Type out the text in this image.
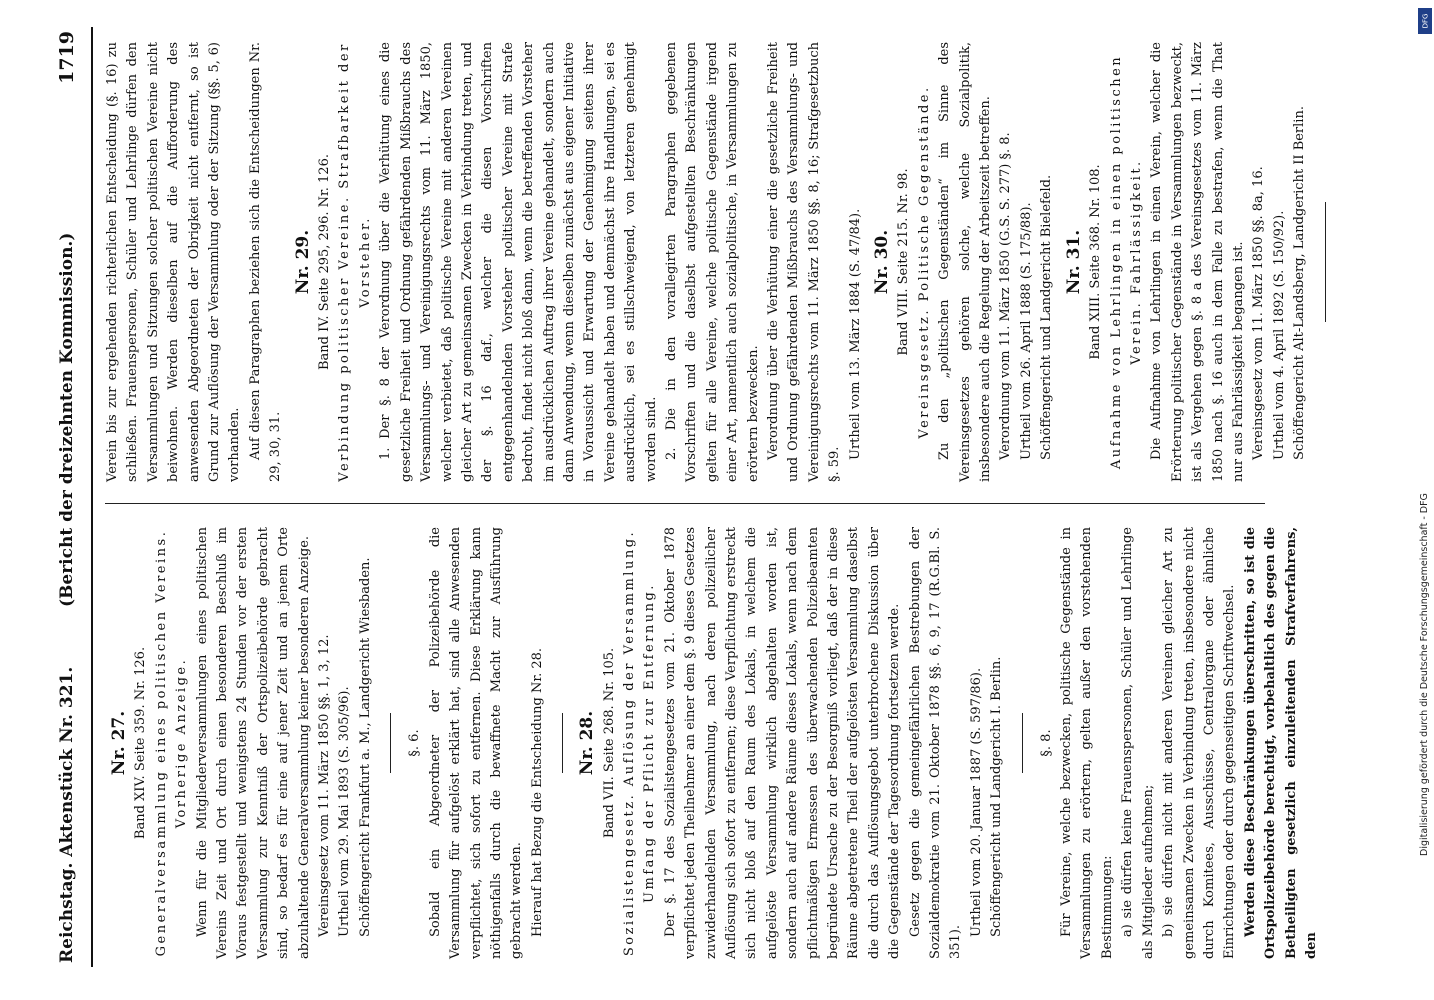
Reichstag. Aktenstück Nr. 321.
(Bericht der dreizehnten Kommission.)
1719

Nr. 27. Band XIV. Seite 359. Nr. 126. Generalversammlung eines politischen Vereins. Vorherige Anzeige. Wenn für die Mitgliederversammlungen eines politischen Vereins Zeit und Ort durch einen besonderen Beschluß im Voraus festgestellt und wenigstens 24 Stunden vor der ersten Versammlung zur Kenntniß der Ortspolizeibehörde gebracht sind, so bedarf es für eine auf jener Zeit und an jenem Orte abzuhaltende Generalversammlung keiner besonderen Anzeige. Vereinsgesetz vom 11. März 1850 §§. 1, 3, 12. Urtheil vom 29. Mai 1893 (S. 305/96). Schöffengericht Frankfurt a. M., Landgericht Wiesbaden.	§. 6. Sobald ein Abgeordneter der Polizeibehörde die Versammlung für aufgelöst erklärt hat, sind alle Anwesenden verpflichtet, sich sofort zu entfernen. Diese Erklärung kann nöthigenfalls durch die bewaffnete Macht zur Ausführung gebracht werden. Hierauf hat Bezug die Entscheidung Nr. 28. Nr. 28. Band VII. Seite 268. Nr. 105. Sozialistengesetz. Auflösung der Versammlung. Umfang der Pflicht zur Entfernung. Der §. 17 des Sozialistengesetzes vom 21. Oktober 1878 verpflichtet jeden Theilnehmer an einer dem §. 9 dieses Gesetzes zuwiderhandelnden Versammlung, nach deren polizeilicher Auflösung sich sofort zu entfernen; diese Verpflichtung erstreckt sich nicht bloß auf den Raum des Lokals, in welchem die aufgelöste Versammlung wirklich abgehalten worden ist, sondern auch auf andere Räume dieses Lokals, wenn nach dem pflichtmäßigen Ermessen des überwachenden Polizeibeamten begründete Ursache zu der Besorgniß vorliegt, daß der in diese Räume abgetretene Theil der aufgelösten Versammlung daselbst die durch das Auflösungsgebot unterbrochene Diskussion über die Gegenstände der Tagesordnung fortsetzen werde. Gesetz gegen die gemeingefährlichen Bestrebungen der Sozialdemokratie vom 21. Oktober 1878 §§. 6, 9, 17 (R.G.Bl. S. 351).

Urtheil vom 20. Januar 1887 (S. 597/86). Schöffengericht und Landgericht I. Berlin.	§. 8. Für Vereine, welche bezwecken, politische Gegenstände in Versammlungen zu erörtern, gelten außer den vorstehenden Bestimmungen: a) sie dürfen keine Frauenspersonen, Schüler und Lehrlinge als Mitglieder aufnehmen; b) sie dürfen nicht mit anderen Vereinen gleicher Art zu gemeinsamen Zwecken in Verbindung treten, insbesondere nicht durch Komitees, Ausschüsse, Centralorgane oder ähnliche Einrichtungen oder durch gegenseitigen Schriftwechsel. Werden diese Beschränkungen überschritten, so ist die Ortspolizeibehörde berechtigt, vorbehaltlich des gegen die Betheiligten gesetzlich einzuleitenden Strafverfahrens, den

Verein bis zur ergehenden richterlichen Entscheidung (§. 16) zu schließen. Frauenspersonen, Schüler und Lehrlinge dürfen den Versammlungen und Sitzungen solcher politischen Vereine nicht beiwohnen. Werden dieselben auf die Aufforderung des anwesenden Abgeordneten der Obrigkeit nicht entfernt, so ist Grund zur Auflösung der Versammlung oder der Sitzung (§§. 5, 6) vorhanden. Auf diesen Paragraphen beziehen sich die Entscheidungen Nr. 29, 30, 31.

Nr. 29. Band IV. Seite 295, 296. Nr. 126. Verbindung politischer Vereine. Strafbarkeit der Vorsteher. 1. Der §. 8 der Verordnung über die Verhütung eines die gesetzliche Freiheit und Ordnung gefährdenden Mißbrauchs des Versammlungs- und Vereinigungsrechts vom 11. März 1850, welcher verbietet, daß politische Vereine mit anderen Vereinen gleicher Art zu gemeinsamen Zwecken in Verbindung treten, und der §. 16 daf., welcher die diesen Vorschriften entgegenhandelnden Vorsteher politischer Vereine mit Strafe bedroht, findet nicht bloß dann, wenn die betreffenden Vorsteher im ausdrücklichen Auftrag ihrer Vereine gehandelt, sondern auch dann Anwendung, wenn dieselben zunächst aus eigener Initiative in Voraussicht und Erwartung der Genehmigung seitens ihrer Vereine gehandelt haben und demnächst ihre Handlungen, sei es ausdrücklich, sei es stillschweigend, von letzteren genehmigt worden sind. 2. Die in den vorallegirten Paragraphen gegebenen Vorschriften und die daselbst aufgestellten Beschränkungen gelten für alle Vereine, welche politische Gegenstände irgend einer Art, namentlich auch sozialpolitische, in Versammlungen zu erörtern bezwecken. Verordnung über die Verhütung einer die gesetzliche Freiheit und Ordnung gefährdenden Mißbrauchs des Versammlungs- und Vereinigungsrechts vom 11. März 1850 §§. 8, 16; Strafgesetzbuch §. 59.

Urtheil vom 13. März 1884 (S. 47/84). Nr. 30. Band VIII. Seite 215. Nr. 98. Vereinsgesetz. Politische Gegenstände. Zu den „politischen Gegenständen“ im Sinne des Vereinsgesetzes gehören solche, welche Sozialpolitik, insbesondere auch die Regelung der Arbeitszeit betreffen. Verordnung vom 11. März 1850 (G.S. S. 277) §. 8. Urtheil vom 26. April 1888 (S. 175/88). Schöffengericht und Landgericht Bielefeld. Nr. 31. Band XIII. Seite 368. Nr. 108. Aufnahme von Lehrlingen in einen politischen Verein. Fahrlässigkeit. Die Aufnahme von Lehrlingen in einen Verein, welcher die Erörterung politischer Gegenstände in Versammlungen bezweckt, ist als Vergehen gegen §. 8 a des Vereinsgesetzes vom 11. März 1850 nach §. 16 auch in dem Falle zu bestrafen, wenn die That nur aus Fahrlässigkeit begangen ist. Vereinsgesetz vom 11. März 1850 §§. 8a, 16. Urtheil vom 4. April 1892 (S. 150/92). Schöffengericht Alt-Landsberg, Landgericht II Berlin.

DFG
Digitalisierung gefördert durch die Deutsche Forschungsgemeinschaft - DFG
